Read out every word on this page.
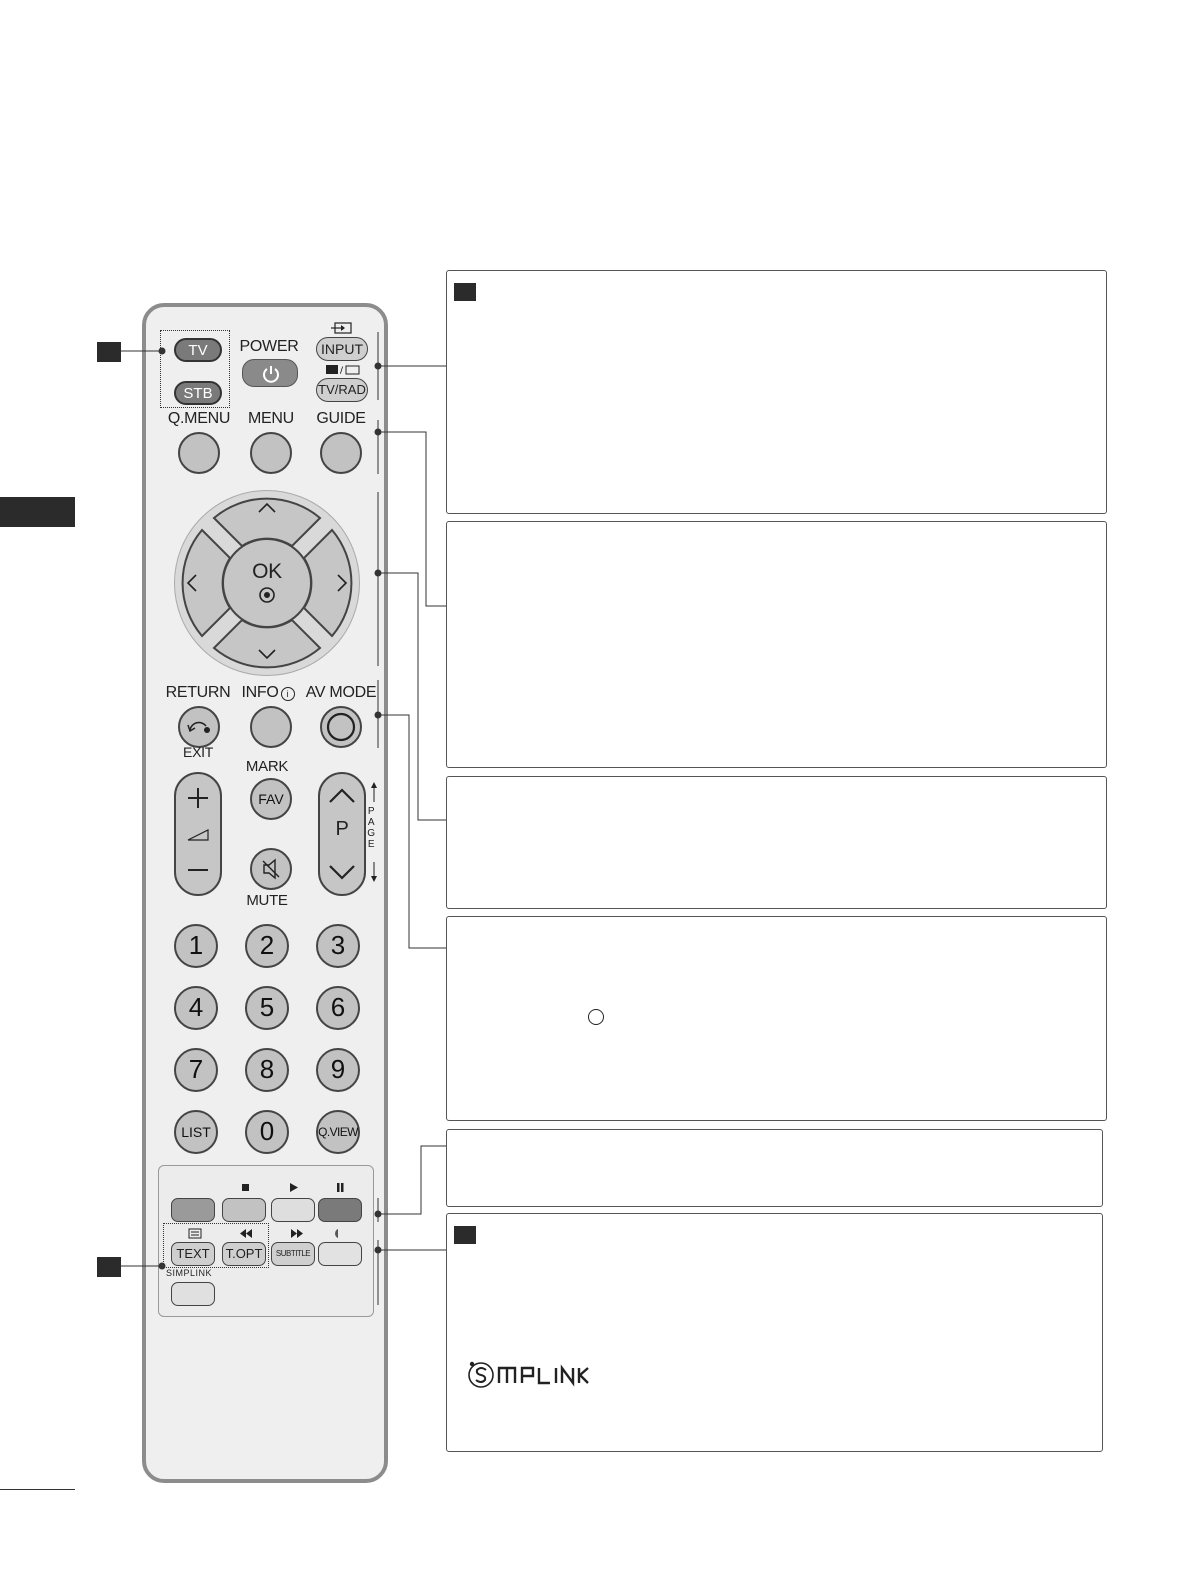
TV
STB
POWER	INPUT
/
TV/RAD
Q.MENU	MENU	GUIDE
OK
RETURN INFO i	AV MODE
EXIT
MARK
FAV
MUTE
P
PAGE
1	2	3
4	5	6
7	8	9
LIST	0	Q.VIEW
TEXT	T.OPT	SUBTITLE
SIMPLINK
